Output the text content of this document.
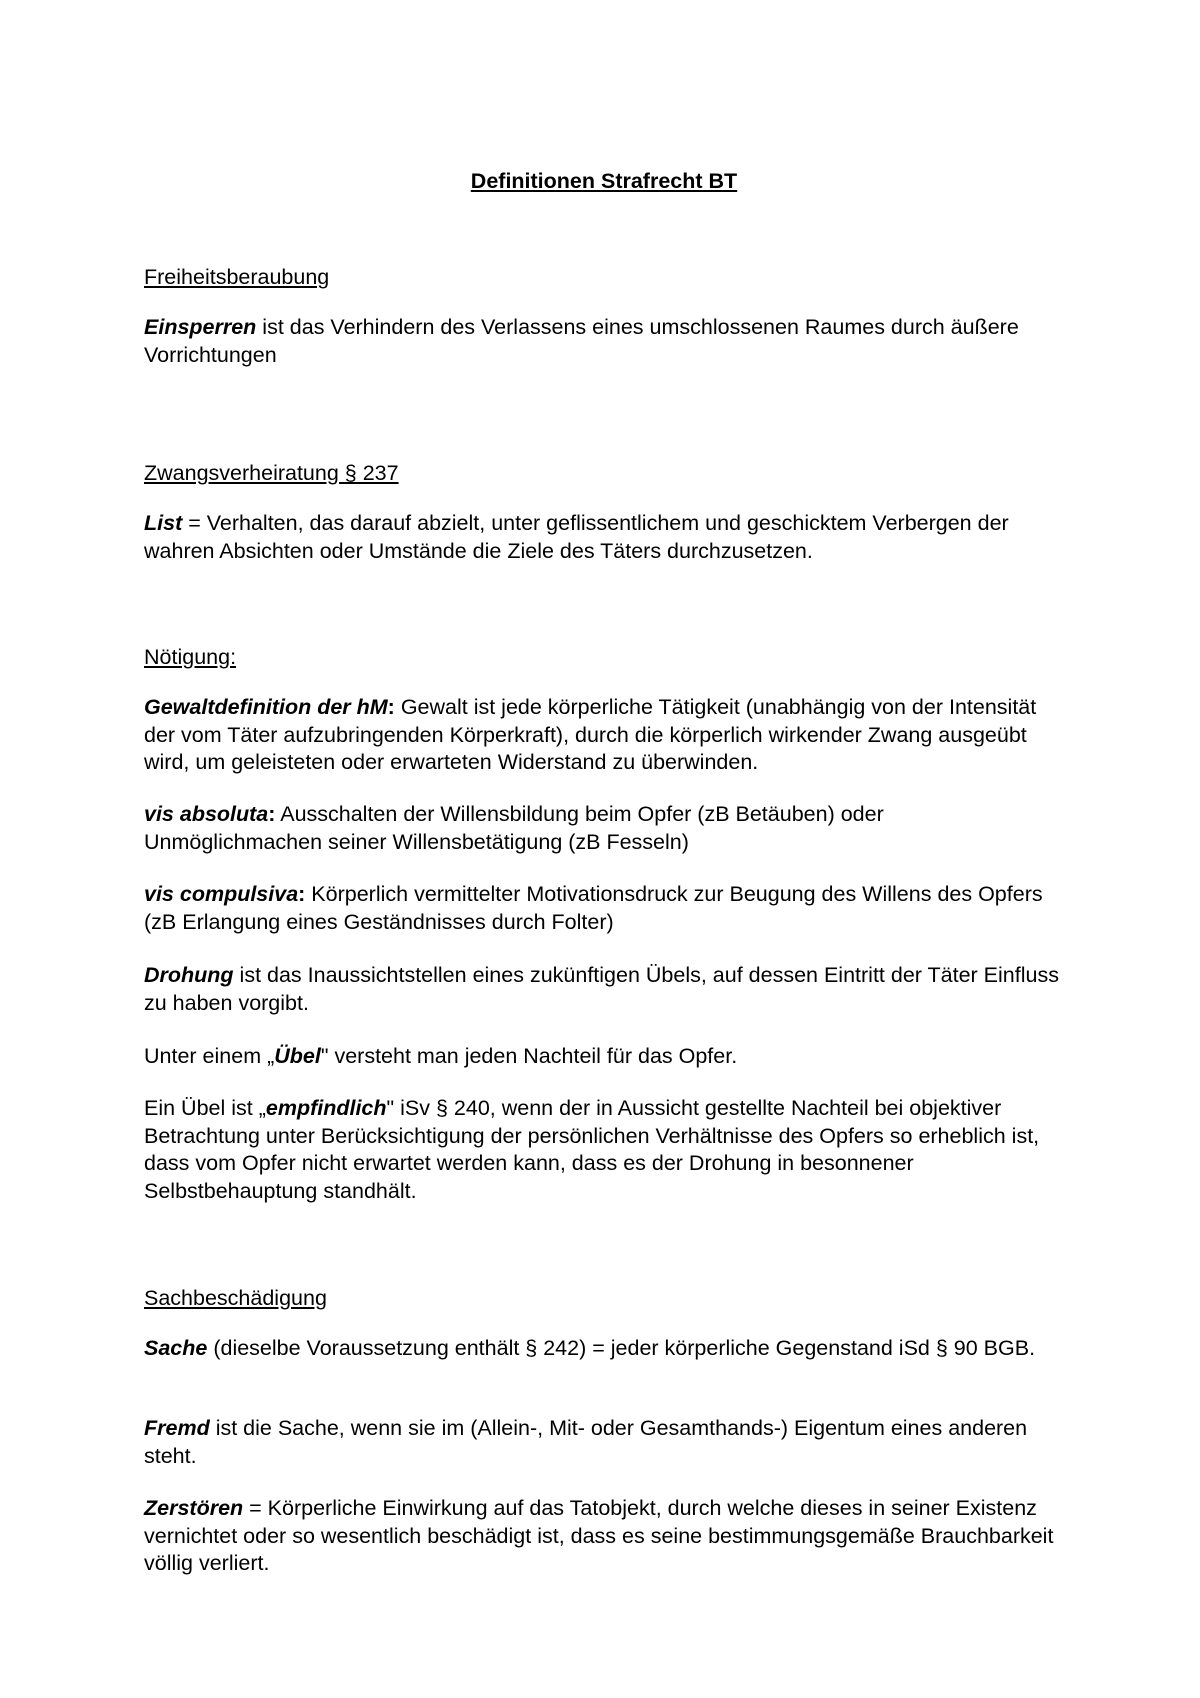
Definitionen Strafrecht BT
Freiheitsberaubung
Einsperren ist das Verhindern des Verlassens eines umschlossenen Raumes durch äußere Vorrichtungen
Zwangsverheiratung § 237
List = Verhalten, das darauf abzielt, unter geflissentlichem und geschicktem Verbergen der wahren Absichten oder Umstände die Ziele des Täters durchzusetzen.
Nötigung:
Gewaltdefinition der hM: Gewalt ist jede körperliche Tätigkeit (unabhängig von der Intensität der vom Täter aufzubringenden Körperkraft), durch die körperlich wirkender Zwang ausgeübt wird, um geleisteten oder erwarteten Widerstand zu überwinden.
vis absoluta: Ausschalten der Willensbildung beim Opfer (zB Betäuben) oder Unmöglichmachen seiner Willensbetätigung (zB Fesseln)
vis compulsiva: Körperlich vermittelter Motivationsdruck zur Beugung des Willens des Opfers (zB Erlangung eines Geständnisses durch Folter)
Drohung ist das Inaussichtstellen eines zukünftigen Übels, auf dessen Eintritt der Täter Einfluss zu haben vorgibt.
Unter einem „Übel" versteht man jeden Nachteil für das Opfer.
Ein Übel ist „empfindlich" iSv § 240, wenn der in Aussicht gestellte Nachteil bei objektiver Betrachtung unter Berücksichtigung der persönlichen Verhältnisse des Opfers so erheblich ist, dass vom Opfer nicht erwartet werden kann, dass es der Drohung in besonnener Selbstbehauptung standhält.
Sachbeschädigung
Sache (dieselbe Voraussetzung enthält § 242) = jeder körperliche Gegenstand iSd § 90 BGB.
Fremd ist die Sache, wenn sie im (Allein-, Mit- oder Gesamthands-) Eigentum eines anderen steht.
Zerstören = Körperliche Einwirkung auf das Tatobjekt, durch welche dieses in seiner Existenz vernichtet oder so wesentlich beschädigt ist, dass es seine bestimmungsgemäße Brauchbarkeit völlig verliert.
